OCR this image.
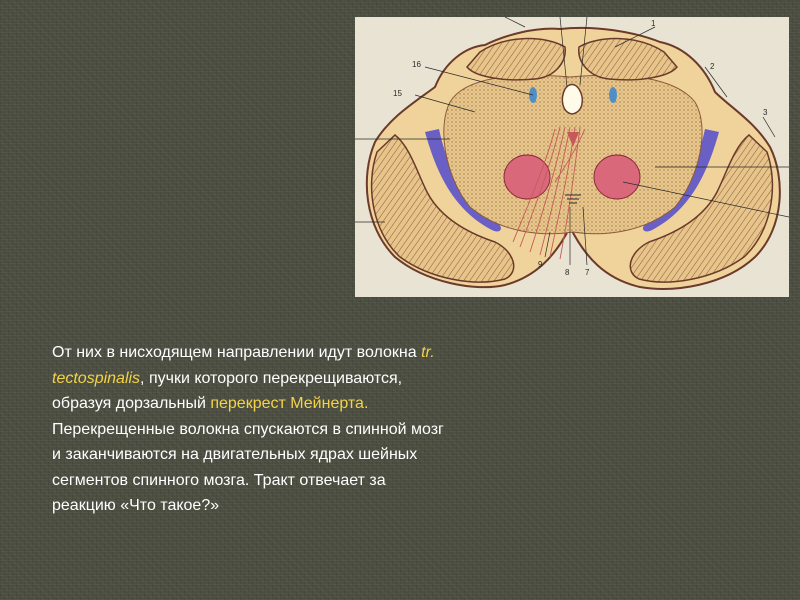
16
15
1
2
3
9
8 7
От них в нисходящем направлении идут волокна tr. tectospinalis, пучки которого перекрещиваются, образуя дорзальный перекрест Мейнерта.     Перекрещенные волокна спускаются в спинной мозг и заканчиваются на двигательных ядрах шейных сегментов спинного мозга. Тракт отвечает за реакцию «Что такое?»
